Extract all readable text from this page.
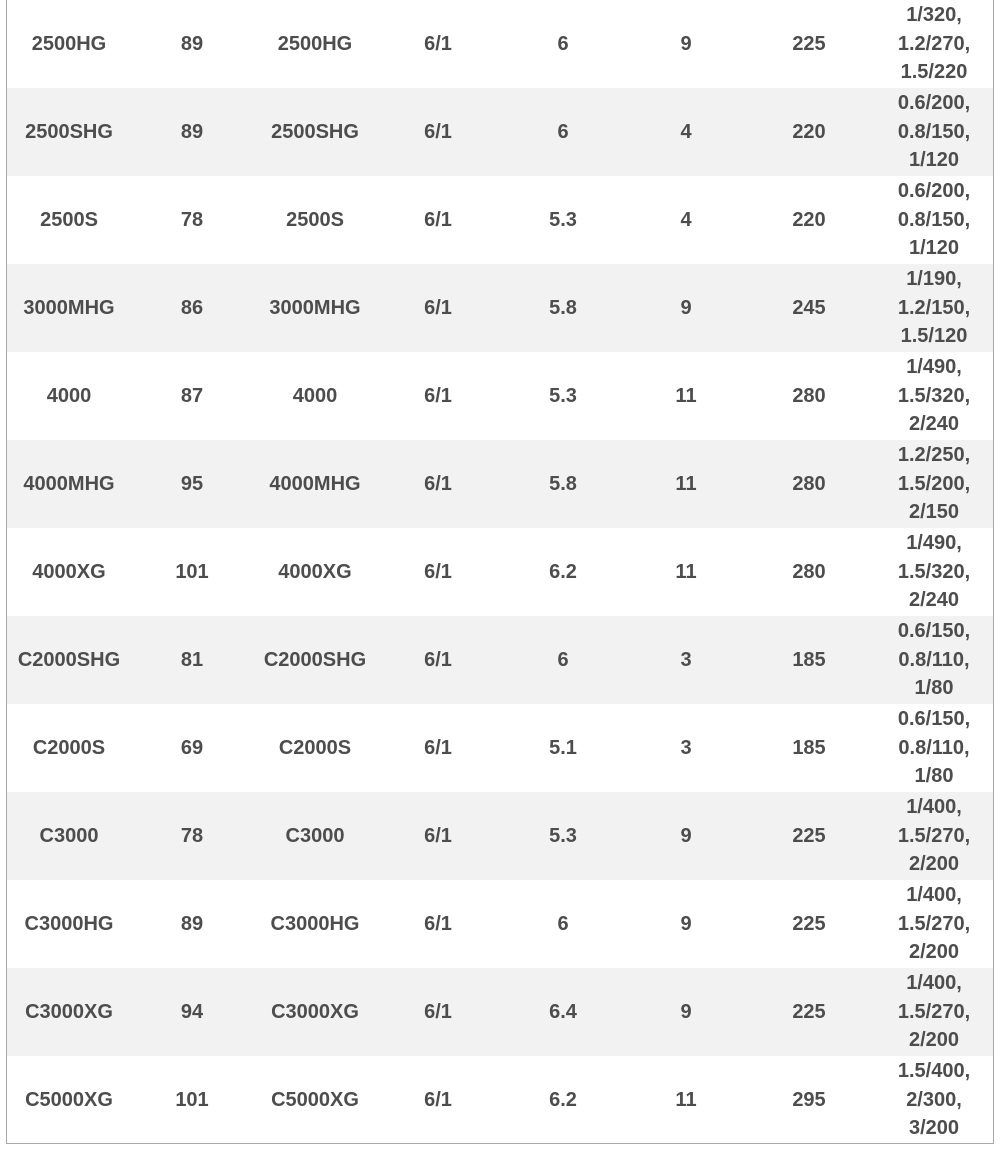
2500HG	89	2500HG	6/1	6	9	225	1/320,
1.2/270,
1.5/220
2500SHG	89	2500SHG	6/1	6	4	220	0.6/200,
0.8/150,
1/120
2500S	78	2500S	6/1	5.3	4	220	0.6/200,
0.8/150,
1/120
3000MHG	86	3000MHG	6/1	5.8	9	245	1/190,
1.2/150,
1.5/120
4000	87	4000	6/1	5.3	11	280	1/490,
1.5/320,
2/240
4000MHG	95	4000MHG	6/1	5.8	11	280	1.2/250,
1.5/200,
2/150
4000XG	101	4000XG	6/1	6.2	11	280	1/490,
1.5/320,
2/240
C2000SHG	81	C2000SHG	6/1	6	3	185	0.6/150,
0.8/110,
1/80
C2000S	69	C2000S	6/1	5.1	3	185	0.6/150,
0.8/110,
1/80
C3000	78	C3000	6/1	5.3	9	225	1/400,
1.5/270,
2/200
C3000HG	89	C3000HG	6/1	6	9	225	1/400,
1.5/270,
2/200
C3000XG	94	C3000XG	6/1	6.4	9	225	1/400,
1.5/270,
2/200
C5000XG	101	C5000XG	6/1	6.2	11	295	1.5/400,
2/300,
3/200
